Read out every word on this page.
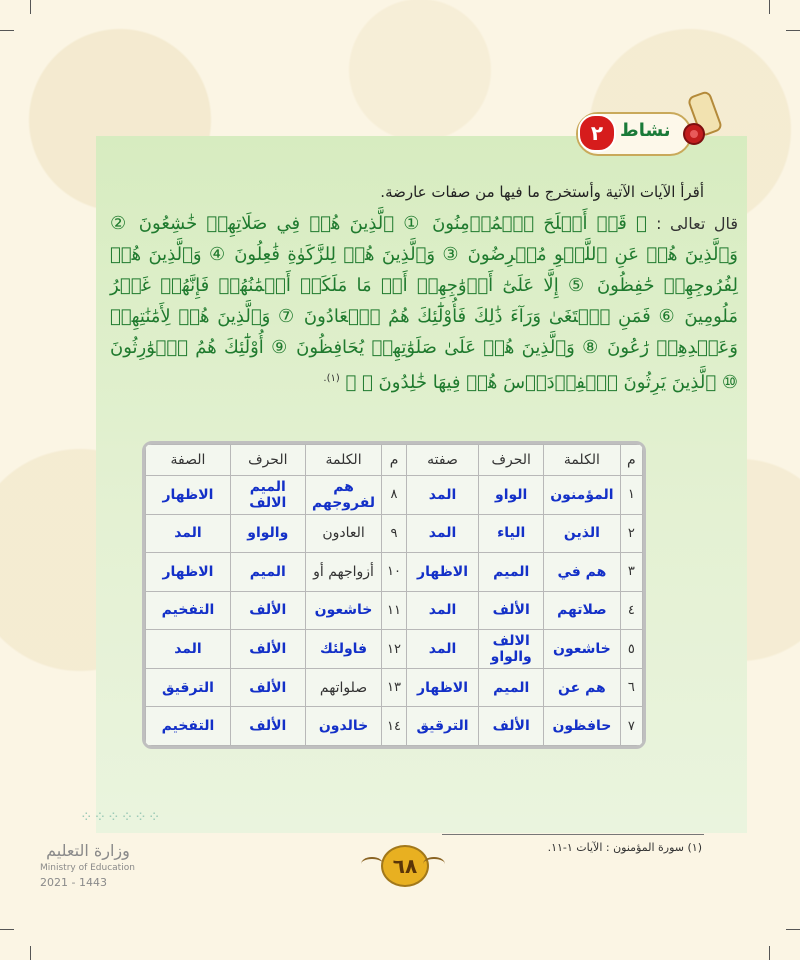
٢ نشاط
أقرأ الآيات الآتية وأستخرج ما فيها من صفات عارضة.
قال تعالى : ﴿ قَدۡ أَفۡلَحَ ٱلۡمُؤۡمِنُونَ ① ٱلَّذِينَ هُمۡ فِي صَلَاتِهِمۡ خَٰشِعُونَ ② وَٱلَّذِينَ هُمۡ عَنِ ٱللَّغۡوِ مُعۡرِضُونَ ③ وَٱلَّذِينَ هُمۡ لِلزَّكَوٰةِ فَٰعِلُونَ ④ وَٱلَّذِينَ هُمۡ لِفُرُوجِهِمۡ حَٰفِظُونَ ⑤ إِلَّا عَلَىٰٓ أَزۡوَٰجِهِمۡ أَوۡ مَا مَلَكَتۡ أَيۡمَٰنُهُمۡ فَإِنَّهُمۡ غَيۡرُ مَلُومِينَ ⑥ فَمَنِ ٱبۡتَغَىٰ وَرَآءَ ذَٰلِكَ فَأُوْلَٰٓئِكَ هُمُ ٱلۡعَادُونَ ⑦ وَٱلَّذِينَ هُمۡ لِأَمَٰنَٰتِهِمۡ وَعَهۡدِهِمۡ رَٰعُونَ ⑧ وَٱلَّذِينَ هُمۡ عَلَىٰ صَلَوَٰتِهِمۡ يُحَافِظُونَ ⑨ أُوْلَٰٓئِكَ هُمُ ٱلۡوَٰرِثُونَ ⑩ ٱلَّذِينَ يَرِثُونَ ٱلۡفِرۡدَوۡسَ هُمۡ فِيهَا خَٰلِدُونَ ⑪ ﴾ $^{(١).}$
م	الكلمة	الحرف	صفته	م	الكلمة	الحرف	الصفة
١	المؤمنون	الواو	المد	٨	هم لفروجهم	الميم الالف	الاظهار
٢	الذين	الياء	المد	٩	العادون	والواو	المد
٣	هم في	الميم	الاظهار	١٠	أزواجهم أو	الميم	الاظهار
٤	صلاتهم	الألف	المد	١١	خاشعون	الألف	التفخيم
٥	خاشعون	الالف والواو	المد	١٢	فاولئك	الألف	المد
٦	هم عن	الميم	الاظهار	١٣	صلواتهم	الألف	الترقيق
٧	حافظون	الألف	الترقيق	١٤	خالدون	الألف	التفخيم
(١) سورة المؤمنون : الآيات ١-١١.
٦٨
⁘⁘⁘⁘⁘⁘
وزارة التعليم
Ministry of Education
2021 - 1443
